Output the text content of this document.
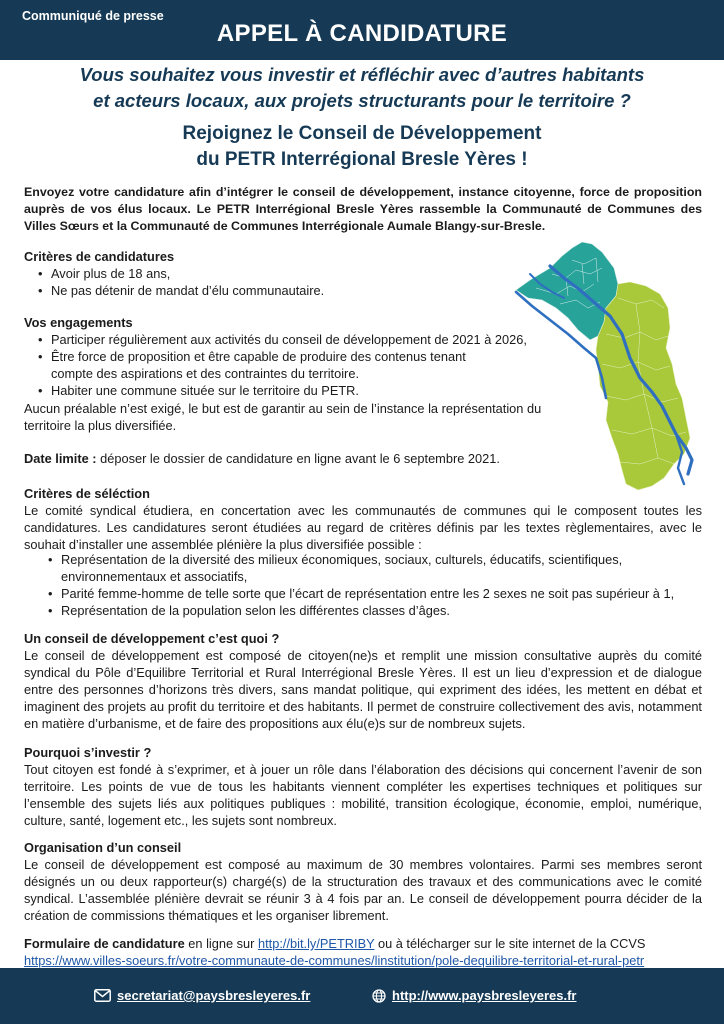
Communiqué de presse
APPEL À CANDIDATURE
Vous souhaitez vous investir et réfléchir avec d’autres habitants
et acteurs locaux, aux projets structurants pour le territoire ?
Rejoignez le Conseil de Développement
du PETR Interrégional Bresle Yères !

Envoyez votre candidature afin d’intégrer le conseil de développement, instance citoyenne, force de proposition auprès de vos élus locaux. Le PETR Interrégional Bresle Yères rassemble la Communauté de Communes des Villes Sœurs et la Communauté de Communes Interrégionale Aumale Blangy-sur-Bresle.

Critères de candidatures
• Avoir plus de 18 ans,
• Ne pas détenir de mandat d’élu communautaire.
Vos engagements
• Participer régulièrement aux activités du conseil de développement de 2021 à 2026,
• Être force de proposition et être capable de produire des contenus tenant
compte des aspirations et des contraintes du territoire.
• Habiter une commune située sur le territoire du PETR.
Aucun préalable n’est exigé, le but est de garantir au sein de l’instance la représentation du
territoire la plus diversifiée.
Date limite : déposer le dossier de candidature en ligne avant le 6 septembre 2021.
Critères de séléction

Le comité syndical étudiera, en concertation avec les communautés de communes qui le composent toutes les candidatures. Les candidatures seront étudiées au regard de critères définis par les textes règlementaires, avec le souhait d’installer une assemblée plénière la plus diversifiée possible :

• Représentation de la diversité des milieux économiques, sociaux, culturels, éducatifs, scientifiques,
environnementaux et associatifs,
• Parité femme-homme de telle sorte que l’écart de représentation entre les 2 sexes ne soit pas supérieur à 1,
• Représentation de la population selon les différentes classes d’âges.
Un conseil de développement c’est quoi ?

Le conseil de développement est composé de citoyen(ne)s et remplit une mission consultative auprès du comité syndical du Pôle d’Equilibre Territorial et Rural Interrégional Bresle Yères. Il est un lieu d’expression et de dialogue entre des personnes d’horizons très divers, sans mandat politique, qui expriment des idées, les mettent en débat et imaginent des projets au profit du territoire et des habitants. Il permet de construire collectivement des avis, notamment en matière d’urbanisme, et de faire des propositions aux élu(e)s sur de nombreux sujets.

Pourquoi s’investir ?

Tout citoyen est fondé à s’exprimer, et à jouer un rôle dans l’élaboration des décisions qui concernent l’avenir de son territoire. Les points de vue de tous les habitants viennent compléter les expertises techniques et politiques sur l’ensemble des sujets liés aux politiques publiques : mobilité, transition écologique, économie, emploi, numérique, culture, santé, logement etc., les sujets sont nombreux.

Organisation d’un conseil

Le conseil de développement est composé au maximum de 30 membres volontaires. Parmi ses membres seront désignés un ou deux rapporteur(s) chargé(s) de la structuration des travaux et des communications avec le comité syndical. L’assemblée plénière devrait se réunir 3 à 4 fois par an. Le conseil de développement pourra décider de la création de commissions thématiques et les organiser librement.

Formulaire de candidature en ligne sur http://bit.ly/PETRIBY ou à télécharger sur le site internet de la CCVS
https://www.villes-soeurs.fr/votre-communaute-de-communes/linstitution/pole-dequilibre-territorial-et-rural-petr
secretariat@paysbresleyeres.fr	http://www.paysbresleyeres.fr
